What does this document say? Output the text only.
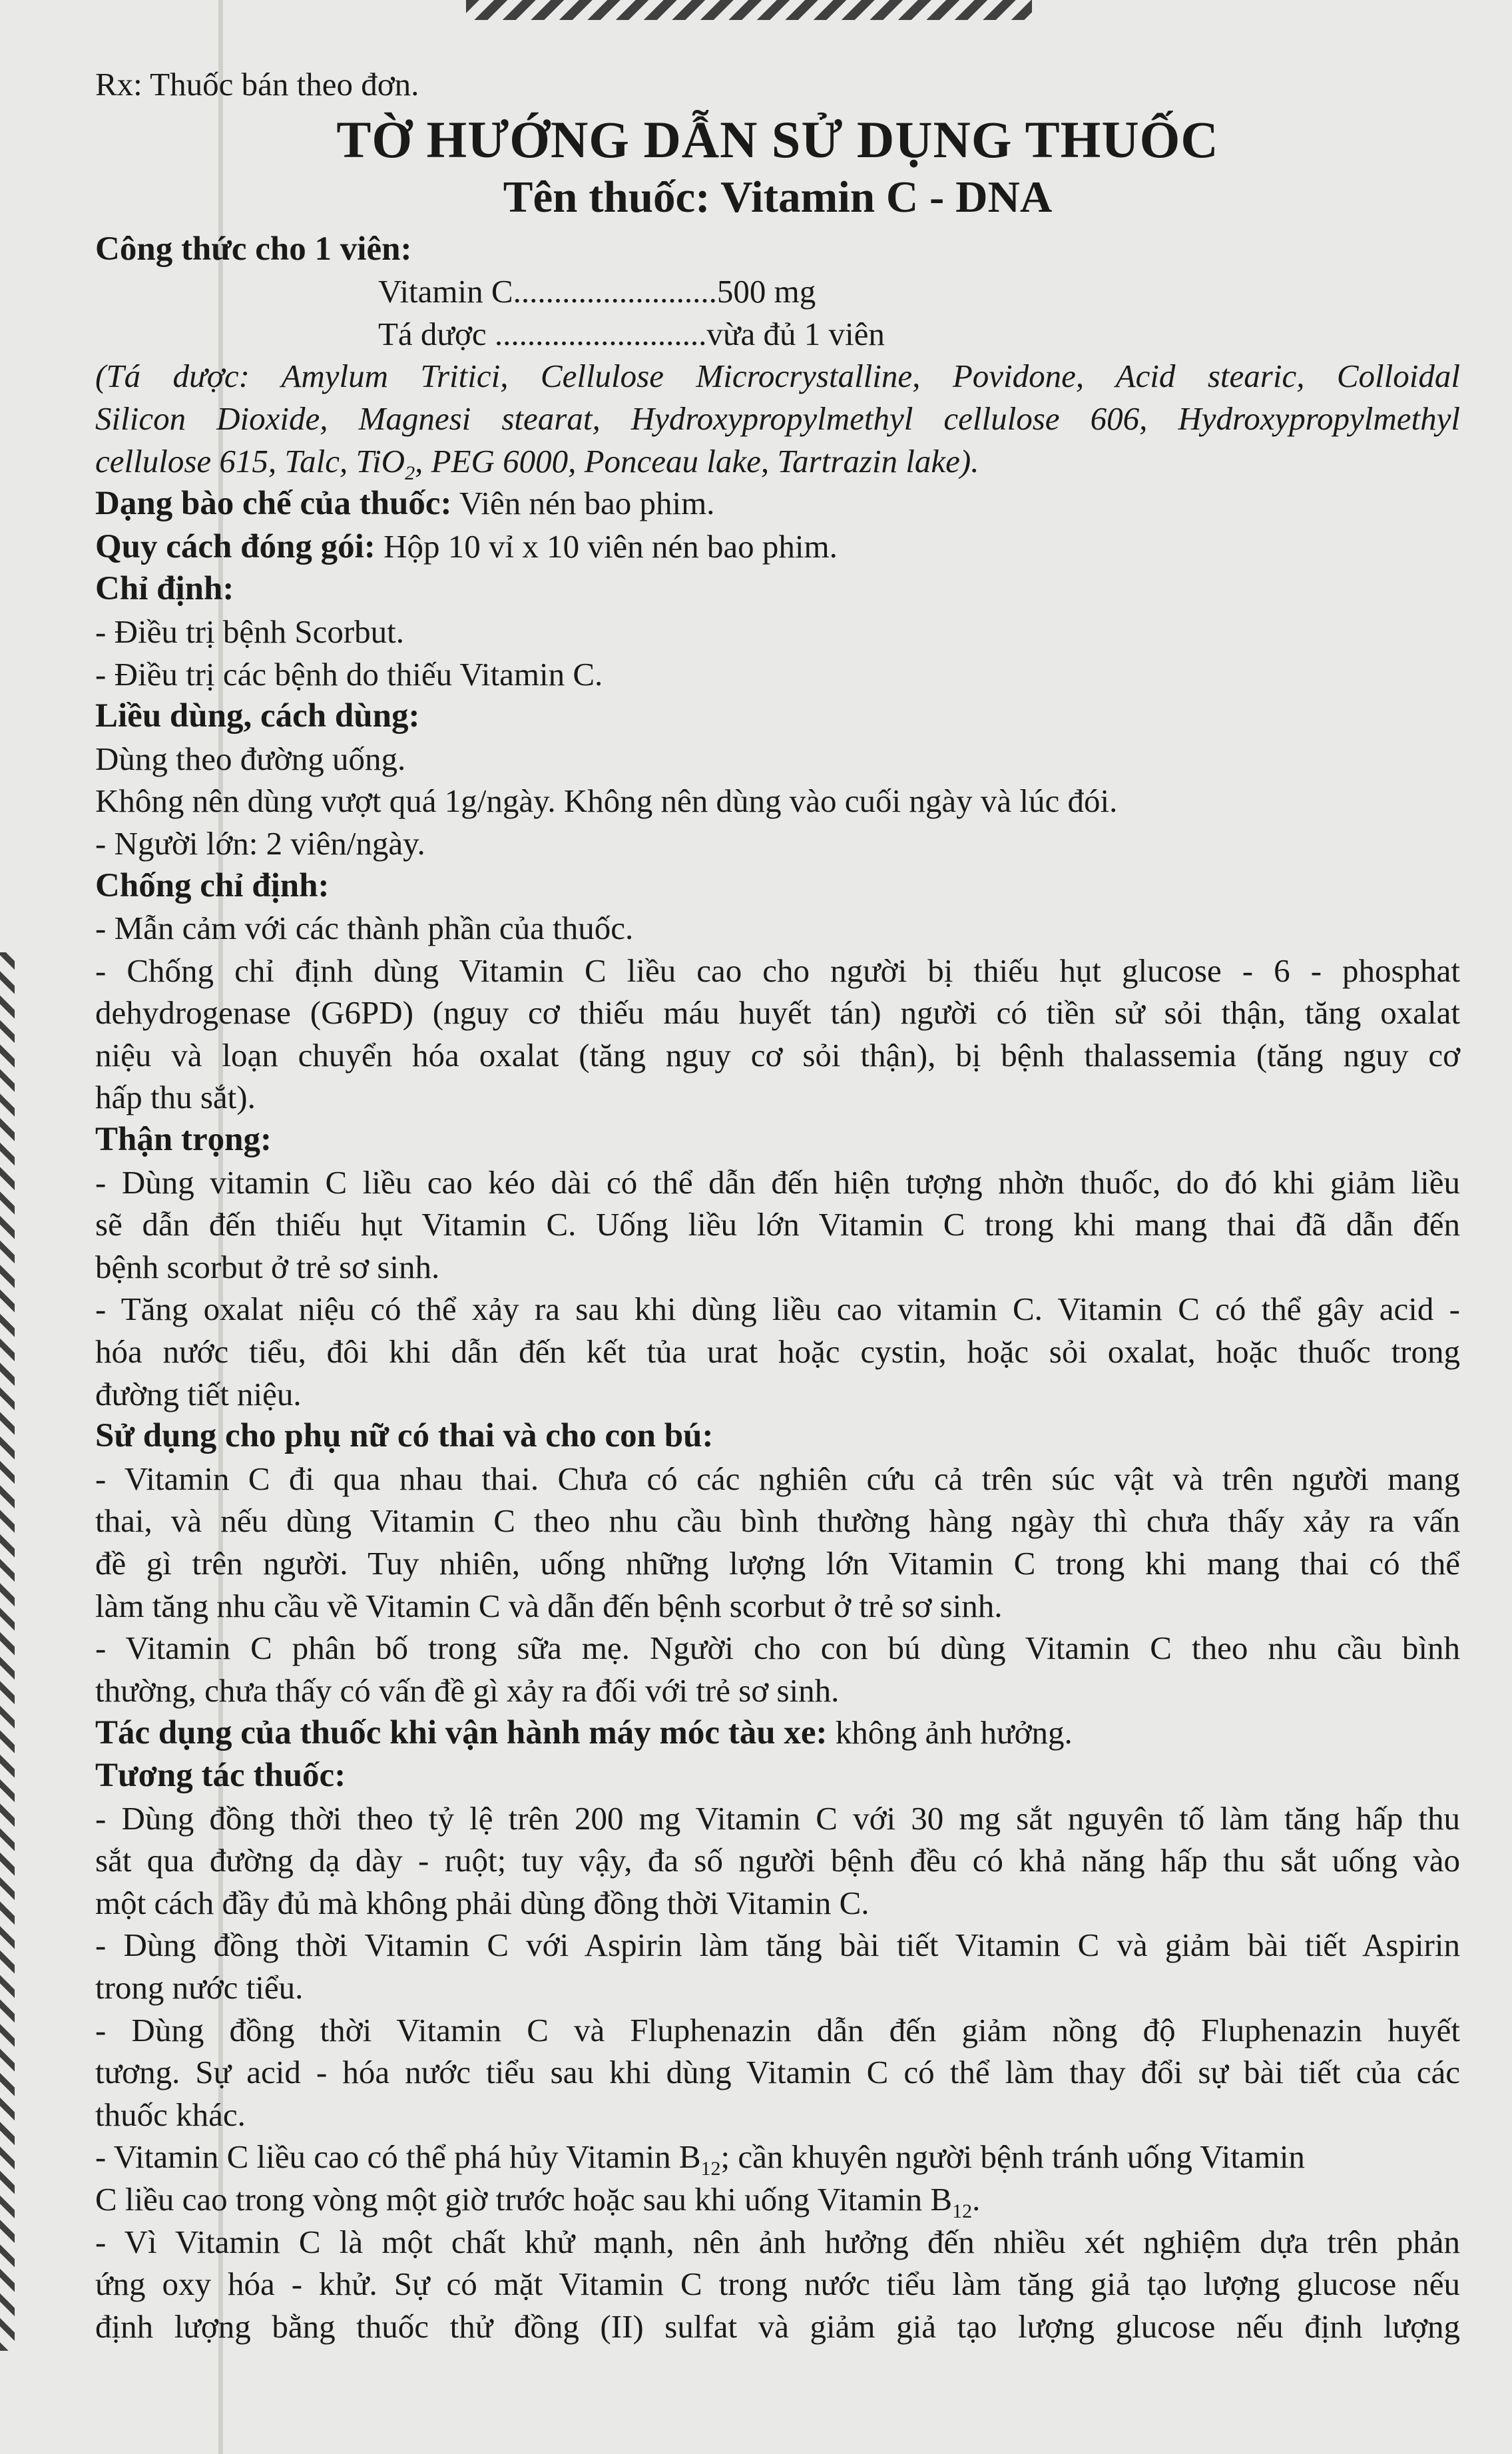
Rx: Thuốc bán theo đơn.

TỜ HƯỚNG DẪN SỬ DỤNG THUỐC

Tên thuốc: Vitamin C - DNA

Công thức cho 1 viên:

Vitamin C.........................500 mg

Tá dược ..........................vừa đủ 1 viên

(Tá dược: Amylum Tritici, Cellulose Microcrystalline, Povidone, Acid stearic, Colloidal

Silicon Dioxide, Magnesi stearat, Hydroxypropylmethyl cellulose 606, Hydroxypropylmethyl

cellulose 615, Talc, TiO$_2$, PEG 6000, Ponceau lake, Tartrazin lake).

Dạng bào chế của thuốc: Viên nén bao phim.

Quy cách đóng gói: Hộp 10 vỉ x 10 viên nén bao phim.

Chỉ định:

- Điều trị bệnh Scorbut.

- Điều trị các bệnh do thiếu Vitamin C.

Liều dùng, cách dùng:

Dùng theo đường uống.

Không nên dùng vượt quá 1g/ngày. Không nên dùng vào cuối ngày và lúc đói.

- Người lớn: 2 viên/ngày.

Chống chỉ định:

- Mẫn cảm với các thành phần của thuốc.

- Chống chỉ định dùng Vitamin C liều cao cho người bị thiếu hụt glucose - 6 - phosphat

dehydrogenase (G6PD) (nguy cơ thiếu máu huyết tán) người có tiền sử sỏi thận, tăng oxalat

niệu và loạn chuyển hóa oxalat (tăng nguy cơ sỏi thận), bị bệnh thalassemia (tăng nguy cơ

hấp thu sắt).

Thận trọng:

- Dùng vitamin C liều cao kéo dài có thể dẫn đến hiện tượng nhờn thuốc, do đó khi giảm liều

sẽ dẫn đến thiếu hụt Vitamin C. Uống liều lớn Vitamin C trong khi mang thai đã dẫn đến

bệnh scorbut ở trẻ sơ sinh.

- Tăng oxalat niệu có thể xảy ra sau khi dùng liều cao vitamin C. Vitamin C có thể gây acid -

hóa nước tiểu, đôi khi dẫn đến kết tủa urat hoặc cystin, hoặc sỏi oxalat, hoặc thuốc trong

đường tiết niệu.

Sử dụng cho phụ nữ có thai và cho con bú:

- Vitamin C đi qua nhau thai. Chưa có các nghiên cứu cả trên súc vật và trên người mang

thai, và nếu dùng Vitamin C theo nhu cầu bình thường hàng ngày thì chưa thấy xảy ra vấn

đề gì trên người. Tuy nhiên, uống những lượng lớn Vitamin C trong khi mang thai có thể

làm tăng nhu cầu về Vitamin C và dẫn đến bệnh scorbut ở trẻ sơ sinh.

- Vitamin C phân bố trong sữa mẹ. Người cho con bú dùng Vitamin C theo nhu cầu bình

thường, chưa thấy có vấn đề gì xảy ra đối với trẻ sơ sinh.

Tác dụng của thuốc khi vận hành máy móc tàu xe: không ảnh hưởng.

Tương tác thuốc:

- Dùng đồng thời theo tỷ lệ trên 200 mg Vitamin C với 30 mg sắt nguyên tố làm tăng hấp thu

sắt qua đường dạ dày - ruột; tuy vậy, đa số người bệnh đều có khả năng hấp thu sắt uống vào

một cách đầy đủ mà không phải dùng đồng thời Vitamin C.

- Dùng đồng thời Vitamin C với Aspirin làm tăng bài tiết Vitamin C và giảm bài tiết Aspirin

trong nước tiểu.

- Dùng đồng thời Vitamin C và Fluphenazin dẫn đến giảm nồng độ Fluphenazin huyết

tương. Sự acid - hóa nước tiểu sau khi dùng Vitamin C có thể làm thay đổi sự bài tiết của các

thuốc khác.

- Vitamin C liều cao có thể phá hủy Vitamin $B_{12}$; cần khuyên người bệnh tránh uống Vitamin

C liều cao trong vòng một giờ trước hoặc sau khi uống Vitamin $B_{12}$.

- Vì Vitamin C là một chất khử mạnh, nên ảnh hưởng đến nhiều xét nghiệm dựa trên phản

ứng oxy hóa - khử. Sự có mặt Vitamin C trong nước tiểu làm tăng giả tạo lượng glucose nếu

định lượng bằng thuốc thử đồng (II) sulfat và giảm giả tạo lượng glucose nếu định lượng
